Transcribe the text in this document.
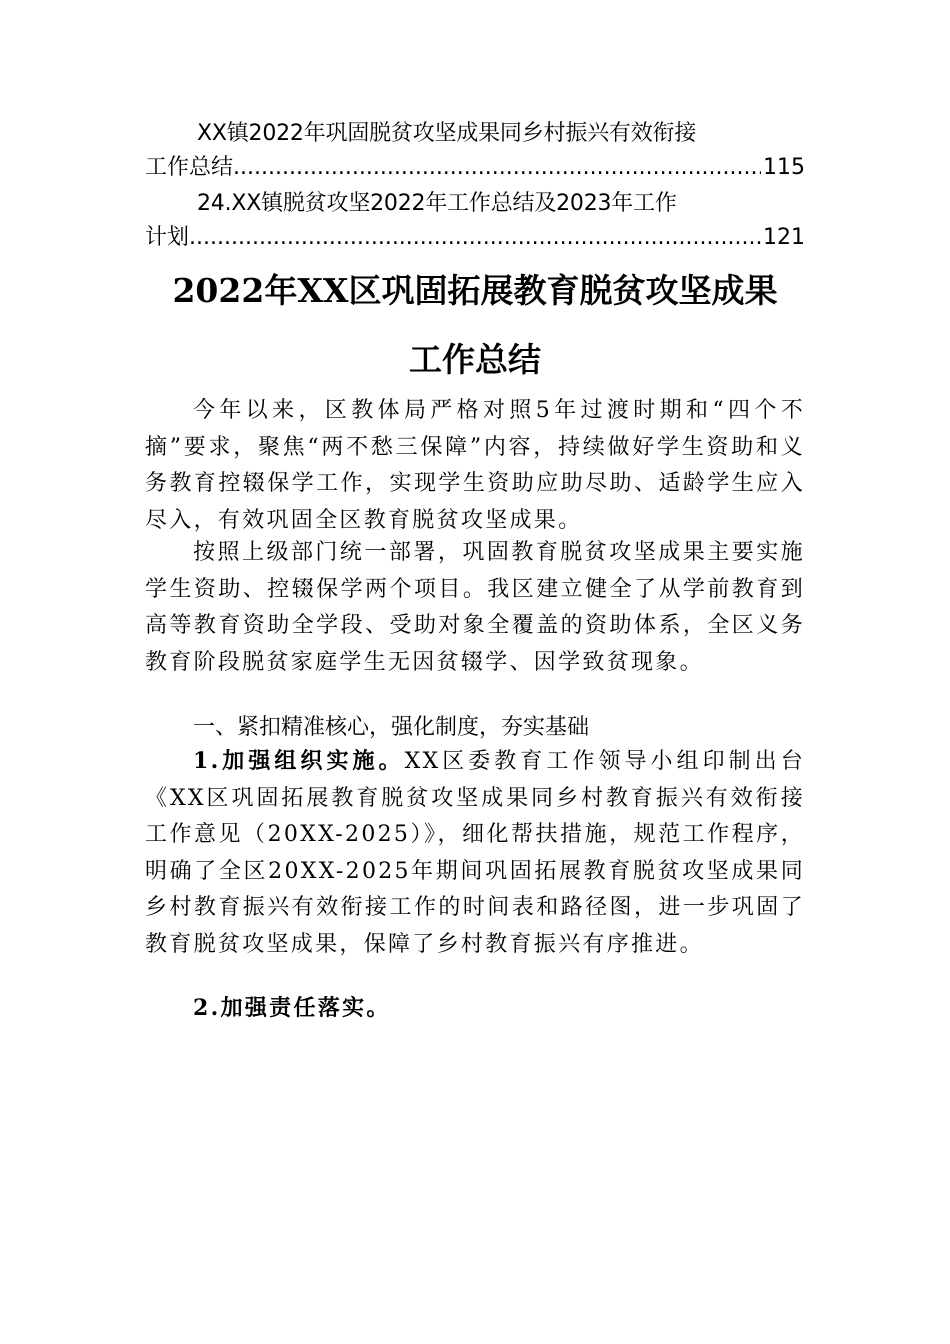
XX镇2022年巩固脱贫攻坚成果同乡村振兴有效衔接
工作总结 .....	115
24.XX镇脱贫攻坚2022年工作总结及2023年工作
计划 .....	121
2022年XX区巩固拓展教育脱贫攻坚成果
工作总结
今年以来，区教体局严格对照5年过渡时期和“四个不摘”要求，聚焦“两不愁三保障”内容，持续做好学生资助和义务教育控辍保学工作，实现学生资助应助尽助、适龄学生应入尽入，有效巩固全区教育脱贫攻坚成果。
按照上级部门统一部署，巩固教育脱贫攻坚成果主要实施学生资助、控辍保学两个项目。我区建立健全了从学前教育到高等教育资助全学段、受助对象全覆盖的资助体系，全区义务教育阶段脱贫家庭学生无因贫辍学、因学致贫现象。
一、紧扣精准核心，强化制度，夯实基础
1.加强组织实施。XX区委教育工作领导小组印制出台《XX区巩固拓展教育脱贫攻坚成果同乡村教育振兴有效衔接工作意见（20XX-2025）》，细化帮扶措施，规范工作程序，明确了全区20XX-2025年期间巩固拓展教育脱贫攻坚成果同乡村教育振兴有效衔接工作的时间表和路径图，进一步巩固了教育脱贫攻坚成果，保障了乡村教育振兴有序推进。
2.加强责任落实。
